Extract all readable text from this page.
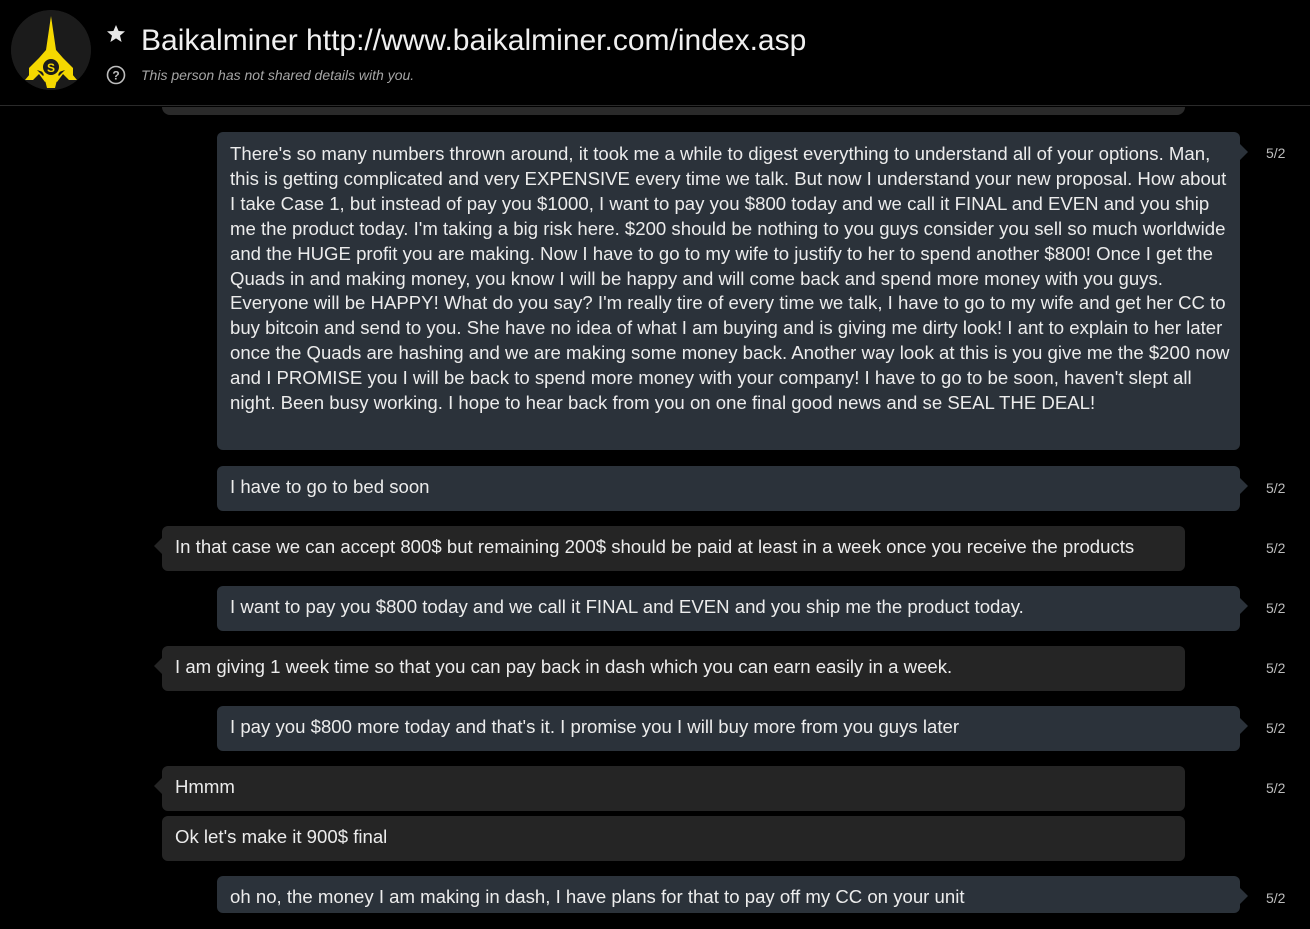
S
Baikalminer http://www.baikalminer.com/index.asp
? This person has not shared details with you.
There's so many numbers thrown around, it took me a while to digest everything to understand all of your options. Man, this is getting complicated and very EXPENSIVE every time we talk. But now I understand your new proposal. How about I take Case 1, but instead of pay you $1000, I want to pay you $800 today and we call it FINAL and EVEN and you ship me the product today. I'm taking a big risk here. $200 should be nothing to you guys consider you sell so much worldwide and the HUGE profit you are making. Now I have to go to my wife to justify to her to spend another $800! Once I get the Quads in and making money, you know I will be happy and will come back and spend more money with you guys. Everyone will be HAPPY! What do you say? I'm really tire of every time we talk, I have to go to my wife and get her CC to buy bitcoin and send to you. She have no idea of what I am buying and is giving me dirty look! I ant to explain to her later once the Quads are hashing and we are making some money back. Another way look at this is you give me the $200 now and I PROMISE you I will be back to spend more money with your company! I have to go to be soon, haven't slept all night. Been busy working. I hope to hear back from you on one final good news and se SEAL THE DEAL!
5/2
I have to go to bed soon	5/2
In that case we can accept 800$ but remaining 200$ should be paid at least in a week once you receive the products	5/2
I want to pay you $800 today and we call it FINAL and EVEN and you ship me the product today.	5/2
I am giving 1 week time so that you can pay back in dash which you can earn easily in a week.	5/2
I pay you $800 more today and that's it. I promise you I will buy more from you guys later	5/2
Hmmm	5/2
Ok let's make it 900$ final
oh no, the money I am making in dash, I have plans for that to pay off my CC on your unit	5/2
